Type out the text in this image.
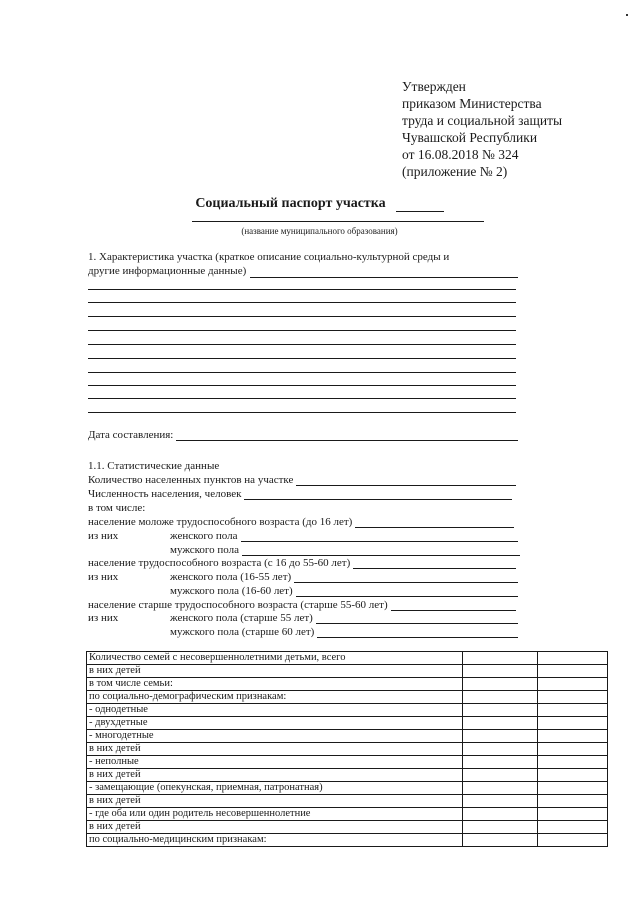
Утвержден
приказом Министерства
труда и социальной защиты
Чувашской Республики
от 16.08.2018 № 324
(приложение № 2)
Социальный паспорт участка
(название муниципального образования)
1. Характеристика участка (краткое описание социально-культурной среды и
другие информационные данные)
Дата составления:
1.1. Статистические данные
Количество населенных пунктов на участке
Численность населения, человек
в том числе:
население моложе трудоспособного возраста (до 16 лет)
из них	женского пола
мужского пола
население трудоспособного возраста (с 16 до 55-60 лет)
из них	женского пола (16-55 лет)
мужского пола (16-60 лет)
население старше трудоспособного возраста (старше 55-60 лет)
из них	женского пола (старше 55 лет)
мужского пола (старше 60 лет)
Количество семей с несовершеннолетними детьми, всего		
в них детей		
в том числе семьи:		
по социально-демографическим признакам:		
- однодетные		
- двухдетные		
- многодетные		
в них детей		
- неполные		
в них детей		
- замещающие (опекунская, приемная, патронатная)		
в них детей		
- где оба или один родитель несовершеннолетние		
в них детей		
по социально-медицинским признакам:		
